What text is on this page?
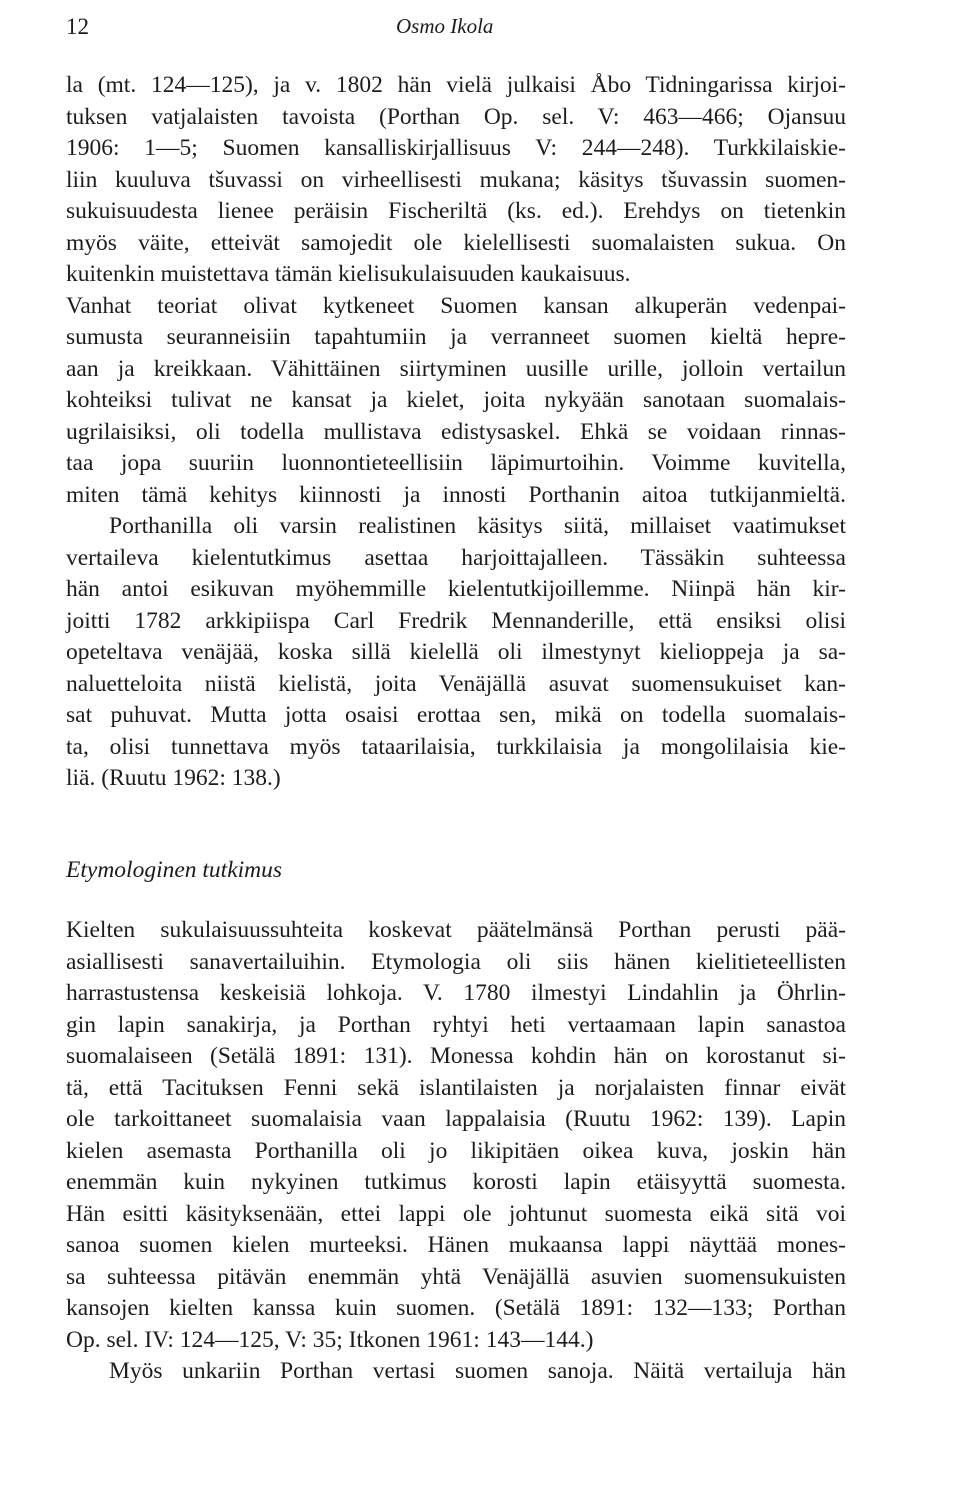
12	Osmo Ikola
la (mt. 124—125), ja v. 1802 hän vielä julkaisi Åbo Tidningarissa kirjoi-
tuksen vatjalaisten tavoista (Porthan Op. sel. V: 463—466; Ojansuu
1906: 1—5; Suomen kansalliskirjallisuus V: 244—248). Turkkilaiskie-
liin kuuluva tšuvassi on virheellisesti mukana; käsitys tšuvassin suomen-
sukuisuudesta lienee peräisin Fischeriltä (ks. ed.). Erehdys on tietenkin
myös väite, etteivät samojedit ole kielellisesti suomalaisten sukua. On
kuitenkin muistettava tämän kielisukulaisuuden kaukaisuus.
Vanhat teoriat olivat kytkeneet Suomen kansan alkuperän vedenpai-
sumusta seuranneisiin tapahtumiin ja verranneet suomen kieltä hepre-
aan ja kreikkaan. Vähittäinen siirtyminen uusille urille, jolloin vertailun
kohteiksi tulivat ne kansat ja kielet, joita nykyään sanotaan suomalais-
ugrilaisiksi, oli todella mullistava edistysaskel. Ehkä se voidaan rinnas-
taa jopa suuriin luonnontieteellisiin läpimurtoihin. Voimme kuvitella,
miten tämä kehitys kiinnosti ja innosti Porthanin aitoa tutkijanmieltä.
Porthanilla oli varsin realistinen käsitys siitä, millaiset vaatimukset
vertaileva kielentutkimus asettaa harjoittajalleen. Tässäkin suhteessa
hän antoi esikuvan myöhemmille kielentutkijoillemme. Niinpä hän kir-
joitti 1782 arkkipiispa Carl Fredrik Mennanderille, että ensiksi olisi
opeteltava venäjää, koska sillä kielellä oli ilmestynyt kielioppeja ja sa-
naluetteloita niistä kielistä, joita Venäjällä asuvat suomensukuiset kan-
sat puhuvat. Mutta jotta osaisi erottaa sen, mikä on todella suomalais-
ta, olisi tunnettava myös tataarilaisia, turkkilaisia ja mongolilaisia kie-
liä. (Ruutu 1962: 138.)
Etymologinen tutkimus
Kielten sukulaisuussuhteita koskevat päätelmänsä Porthan perusti pää-
asiallisesti sanavertailuihin. Etymologia oli siis hänen kielitieteellisten
harrastustensa keskeisiä lohkoja. V. 1780 ilmestyi Lindahlin ja Öhrlin-
gin lapin sanakirja, ja Porthan ryhtyi heti vertaamaan lapin sanastoa
suomalaiseen (Setälä 1891: 131). Monessa kohdin hän on korostanut si-
tä, että Tacituksen Fenni sekä islantilaisten ja norjalaisten finnar eivät
ole tarkoittaneet suomalaisia vaan lappalaisia (Ruutu 1962: 139). Lapin
kielen asemasta Porthanilla oli jo likipitäen oikea kuva, joskin hän
enemmän kuin nykyinen tutkimus korosti lapin etäisyyttä suomesta.
Hän esitti käsityksenään, ettei lappi ole johtunut suomesta eikä sitä voi
sanoa suomen kielen murteeksi. Hänen mukaansa lappi näyttää mones-
sa suhteessa pitävän enemmän yhtä Venäjällä asuvien suomensukuisten
kansojen kielten kanssa kuin suomen. (Setälä 1891: 132—133; Porthan
Op. sel. IV: 124—125, V: 35; Itkonen 1961: 143—144.)
Myös unkariin Porthan vertasi suomen sanoja. Näitä vertailuja hän
